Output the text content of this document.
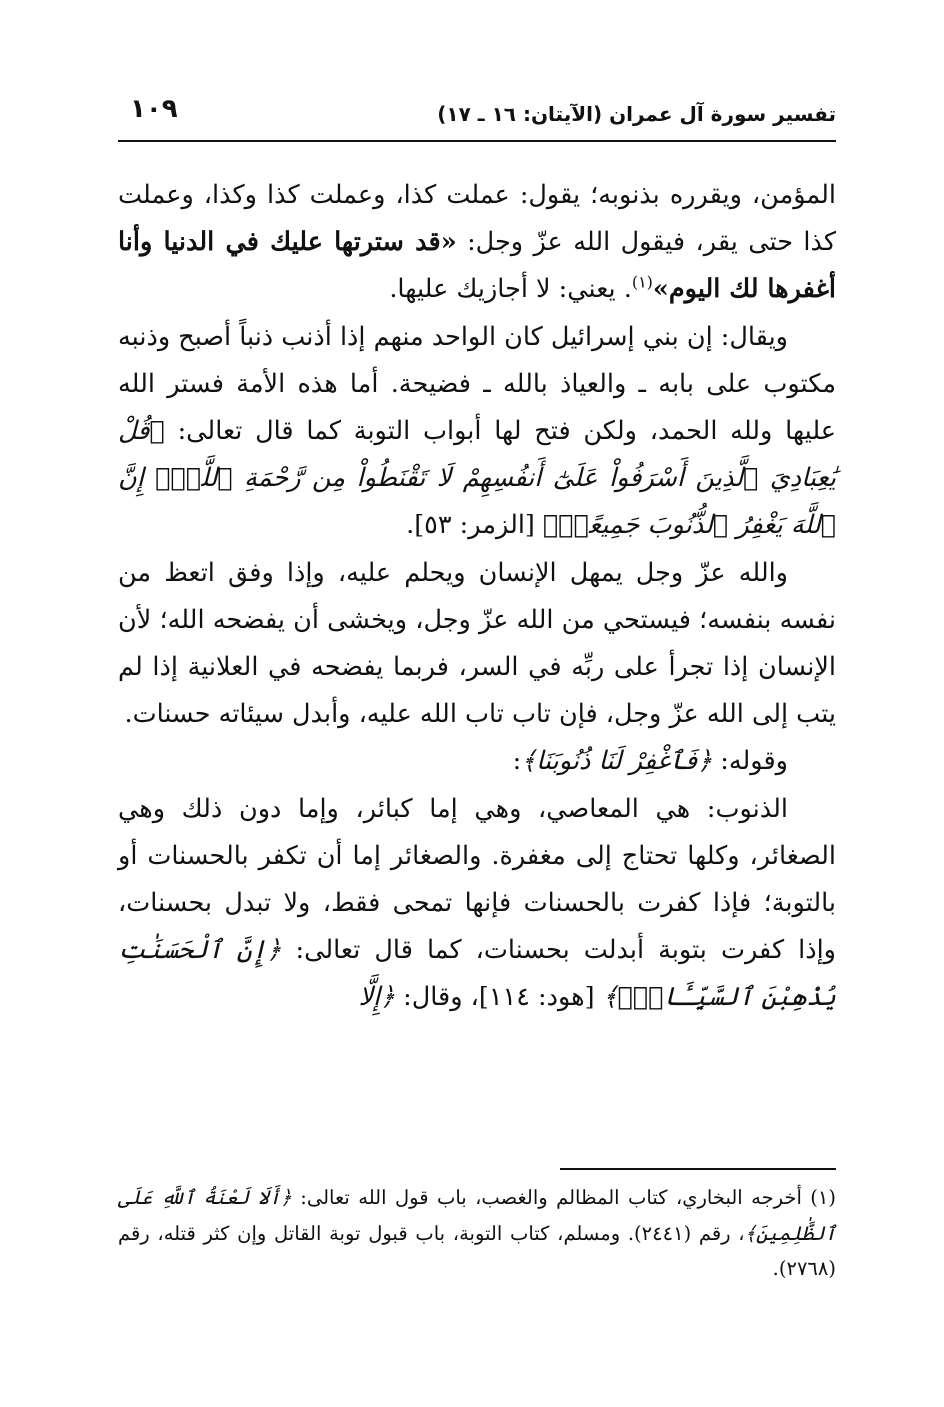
تفسير سورة آل عمران (الآيتان: ١٦ ـ ١٧)
١٠٩

المؤمن، ويقرره بذنوبه؛ يقول: عملت كذا، وعملت كذا وكذا، وعملت كذا حتى يقر، فيقول الله عزّ وجل: «قد سترتها عليك في الدنيا وأنا أغفرها لك اليوم»$^{(١)}$. يعني: لا أجازيك عليها.

ويقال: إن بني إسرائيل كان الواحد منهم إذا أذنب ذنباً أصبح وذنبه مكتوب على بابه ـ والعياذ بالله ـ فضيحة. أما هذه الأمة فستر الله عليها ولله الحمد، ولكن فتح لها أبواب التوبة كما قال تعالى: ﴿قُلْ يَٰعِبَادِيَ ٱلَّذِينَ أَسْرَفُواْ عَلَىٰٓ أَنفُسِهِمْ لَا تَقْنَطُواْ مِن رَّحْمَةِ ٱللَّهِۚ إِنَّ ٱللَّهَ يَغْفِرُ ٱلذُّنُوبَ جَمِيعًاۚ﴾ [الزمر: ٥٣].

والله عزّ وجل يمهل الإنسان ويحلم عليه، وإذا وفق اتعظ من نفسه بنفسه؛ فيستحي من الله عزّ وجل، ويخشى أن يفضحه الله؛ لأن الإنسان إذا تجرأ على ربِّه في السر، فربما يفضحه في العلانية إذا لم يتب إلى الله عزّ وجل، فإن تاب تاب الله عليه، وأبدل سيئاته حسنات.

وقوله: ﴿فَٱغْفِرْ لَنَا ذُنُوبَنَا﴾:

الذنوب: هي المعاصي، وهي إما كبائر، وإما دون ذلك وهي الصغائر، وكلها تحتاج إلى مغفرة. والصغائر إما أن تكفر بالحسنات أو بالتوبة؛ فإذا كفرت بالحسنات فإنها تمحى فقط، ولا تبدل بحسنات، وإذا كفرت بتوبة أبدلت بحسنات، كما قال تعالى: ﴿إِنَّ ٱلْحَسَنَٰتِ يُذْهِبْنَ ٱلسَّيِّـَٔاتِۚ﴾ [هود: ١١٤]، وقال: ﴿إِلَّا

(١) أخرجه البخاري، كتاب المظالم والغصب، باب قول الله تعالى: ﴿أَلَا لَعْنَةُ ٱللَّهِ عَلَى ٱلظَّٰلِمِينَ﴾، رقم (٢٤٤١). ومسلم، كتاب التوبة، باب قبول توبة القاتل وإن كثر قتله، رقم (٢٧٦٨).
